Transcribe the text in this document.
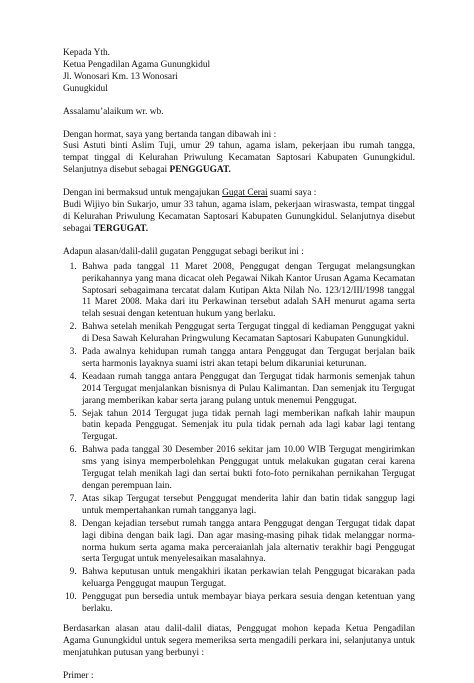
Kepada Yth.

Ketua Pengadilan Agama Gunungkidul

Jl. Wonosari Km. 13 Wonosari

Gunugkidul

Assalamu’alaikum wr. wb.

Dengan hormat, saya yang bertanda tangan dibawah ini :

Susi Astuti binti Aslim Tuji, umur 29 tahun, agama islam, pekerjaan ibu rumah tangga, tempat tinggal di Kelurahan Priwulung Kecamatan Saptosari Kabupaten Gunungkidul. Selanjutnya disebut sebagai PENGGUGAT.

Dengan ini bermaksud untuk mengajukan Gugat Cerai suami saya :

Budi Wijiyo bin Sukarjo, umur 33 tahun, agama islam, pekerjaan wiraswasta, tempat tinggal di Kelurahan Priwulung Kecamatan Saptosari Kabupaten Gunungkidul. Selanjutnya disebut sebagai TERGUGAT.

Adapun alasan/dalil-dalil gugatan Penggugat sebagi berikut ini :

1. Bahwa pada tanggal 11 Maret 2008, Penggugat dengan Tergugat melangsungkan perikahannya yang mana dicacat oleh Pegawai Nikah Kantor Urusan Agama Kecamatan Saptosari sebagaimana tercatat dalam Kutipan Akta Nilah No. 123/12/III/1998 tanggal 11 Maret 2008. Maka dari itu Perkawinan tersebut adalah SAH menurut agama serta telah sesuai dengan ketentuan hukum yang berlaku.
2. Bahwa setelah menikah Penggugat serta Tergugat tinggal di kediaman Penggugat yakni di Desa Sawah Kelurahan Pringwulung Kecamatan Saptosari Kabupaten Gunungkidul.
3. Pada awalnya kehidupan rumah tangga antara Penggugat dan Tergugat berjalan baik serta harmonis layaknya suami istri akan tetapi belum dikaruniai keturunan.
4. Keadaan rumah tangga antara Penggugat dan Tergugat tidak harmonis semenjak tahun 2014 Tergugat menjalankan bisnisnya di Pulau Kalimantan. Dan semenjak itu Tergugat jarang memberikan kabar serta jarang pulang untuk menemui Penggugat.
5. Sejak tahun 2014 Tergugat juga tidak pernah lagi memberikan nafkah lahir maupun batin kepada Penggugat. Semenjak itu pula tidak pernah ada lagi kabar lagi tentang Tergugat.
6. Bahwa pada tanggal 30 Desember 2016 sekitar jam 10.00 WIB Tergugat mengirimkan sms yang isinya memperbolehkan Penggugat untuk melakukan gugatan cerai karena Tergugat telah menikah lagi dan sertai bukti foto-foto pernikahan pernikahan Tergugat dengan perempuan lain.
7. Atas sikap Tergugat tersebut Penggugat menderita lahir dan batin tidak sanggup lagi untuk mempertahankan rumah tangganya lagi.
8. Dengan kejadian tersebut rumah tangga antara Penggugat dengan Tergugat tidak dapat lagi dibina dengan baik lagi. Dan agar masing-masing pihak tidak melanggar norma-norma hukum serta agama maka perceraianlah jala alternativ terakhir bagi Penggugat serta Tergugat untuk menyelesaikan masalahnya.
9. Bahwa keputusan untuk mengakhiri ikatan perkawian telah Penggugat bicarakan pada keluarga Penggugat maupun Tergugat.
10. Penggugat pun bersedia untuk membayar biaya perkara sesuia dengan ketentuan yang berlaku.

Berdasarkan alasan atau dalil-dalil diatas, Penggugat mohon kepada Ketua Pengadilan Agama Gunungkidul untuk segera memeriksa serta mengadili perkara ini, selanjutanya untuk menjatuhkan putusan yang berbunyi :

Primer :
